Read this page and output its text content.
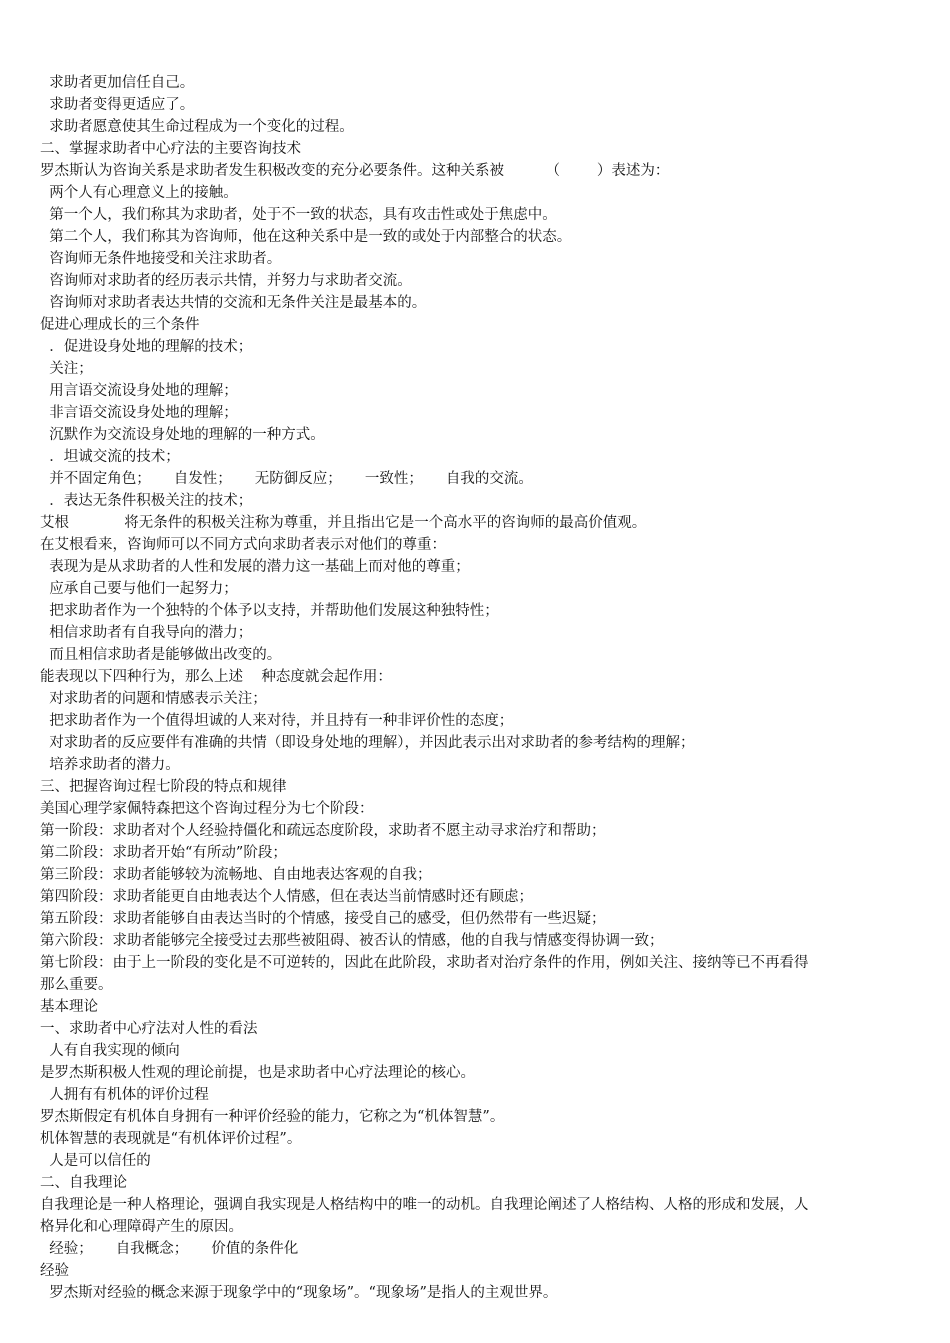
求助者更加信任自己。
求助者变得更适应了。
求助者愿意使其生命过程成为一个变化的过程。
二、掌握求助者中心疗法的主要咨询技术
罗杰斯认为咨询关系是求助者发生积极改变的充分必要条件。这种关系被         （        ）表述为：
两个人有心理意义上的接触。
第一个人，我们称其为求助者，处于不一致的状态，具有攻击性或处于焦虑中。
第二个人，我们称其为咨询师，他在这种关系中是一致的或处于内部整合的状态。
咨询师无条件地接受和关注求助者。
咨询师对求助者的经历表示共情，并努力与求助者交流。
咨询师对求助者表达共情的交流和无条件关注是最基本的。
促进心理成长的三个条件
．促进设身处地的理解的技术；
关注；
用言语交流设身处地的理解；
非言语交流设身处地的理解；
沉默作为交流设身处地的理解的一种方式。
．坦诚交流的技术；
并不固定角色；     自发性；     无防御反应；     一致性；     自我的交流。
．表达无条件积极关注的技术；
艾根            将无条件的积极关注称为尊重，并且指出它是一个高水平的咨询师的最高价值观。
在艾根看来，咨询师可以不同方式向求助者表示对他们的尊重：
表现为是从求助者的人性和发展的潜力这一基础上而对他的尊重；
应承自己要与他们一起努力；
把求助者作为一个独特的个体予以支持，并帮助他们发展这种独特性；
相信求助者有自我导向的潜力；
而且相信求助者是能够做出改变的。
能表现以下四种行为，那么上述    种态度就会起作用：
对求助者的问题和情感表示关注；
把求助者作为一个值得坦诚的人来对待，并且持有一种非评价性的态度；
对求助者的反应要伴有准确的共情（即设身处地的理解），并因此表示出对求助者的参考结构的理解；
培养求助者的潜力。
三、把握咨询过程七阶段的特点和规律
美国心理学家佩特森把这个咨询过程分为七个阶段：
第一阶段：求助者对个人经验持僵化和疏远态度阶段，求助者不愿主动寻求治疗和帮助；
第二阶段：求助者开始“有所动”阶段；
第三阶段：求助者能够较为流畅地、自由地表达客观的自我；
第四阶段：求助者能更自由地表达个人情感，但在表达当前情感时还有顾虑；
第五阶段：求助者能够自由表达当时的个情感，接受自己的感受，但仍然带有一些迟疑；
第六阶段：求助者能够完全接受过去那些被阻碍、被否认的情感，他的自我与情感变得协调一致；
第七阶段：由于上一阶段的变化是不可逆转的，因此在此阶段，求助者对治疗条件的作用，例如关注、接纳等已不再看得
那么重要。
基本理论
一、求助者中心疗法对人性的看法
人有自我实现的倾向
是罗杰斯积极人性观的理论前提，也是求助者中心疗法理论的核心。
人拥有有机体的评价过程
罗杰斯假定有机体自身拥有一种评价经验的能力，它称之为“机体智慧”。
机体智慧的表现就是“有机体评价过程”。
人是可以信任的
二、自我理论
自我理论是一种人格理论，强调自我实现是人格结构中的唯一的动机。自我理论阐述了人格结构、人格的形成和发展，人
格异化和心理障碍产生的原因。
经验；     自我概念；     价值的条件化
经验
罗杰斯对经验的概念来源于现象学中的“现象场”。“现象场”是指人的主观世界。
